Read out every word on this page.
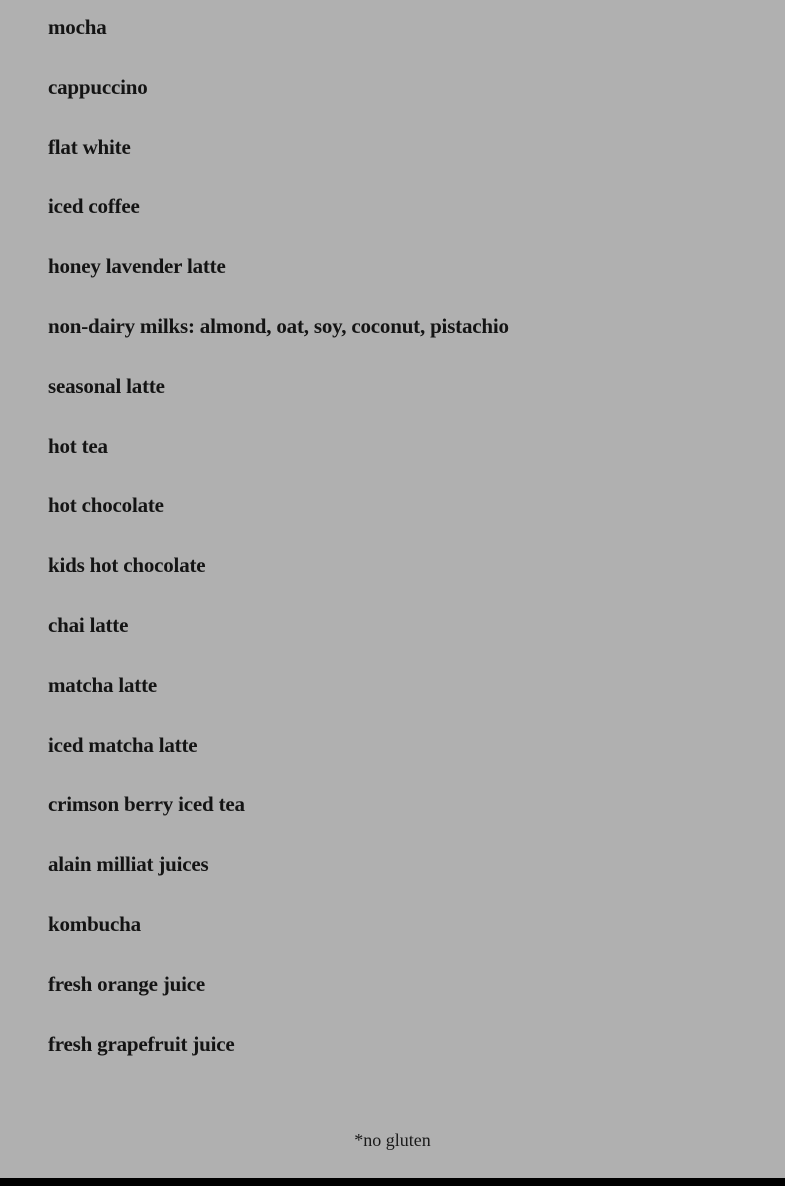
mocha
cappuccino
flat white
iced coffee
honey lavender latte
non-dairy milks: almond, oat, soy, coconut, pistachio
seasonal latte
hot tea
hot chocolate
kids hot chocolate
chai latte
matcha latte
iced matcha latte
crimson berry iced tea
alain milliat juices
kombucha
fresh orange juice
fresh grapefruit juice
*no gluten
